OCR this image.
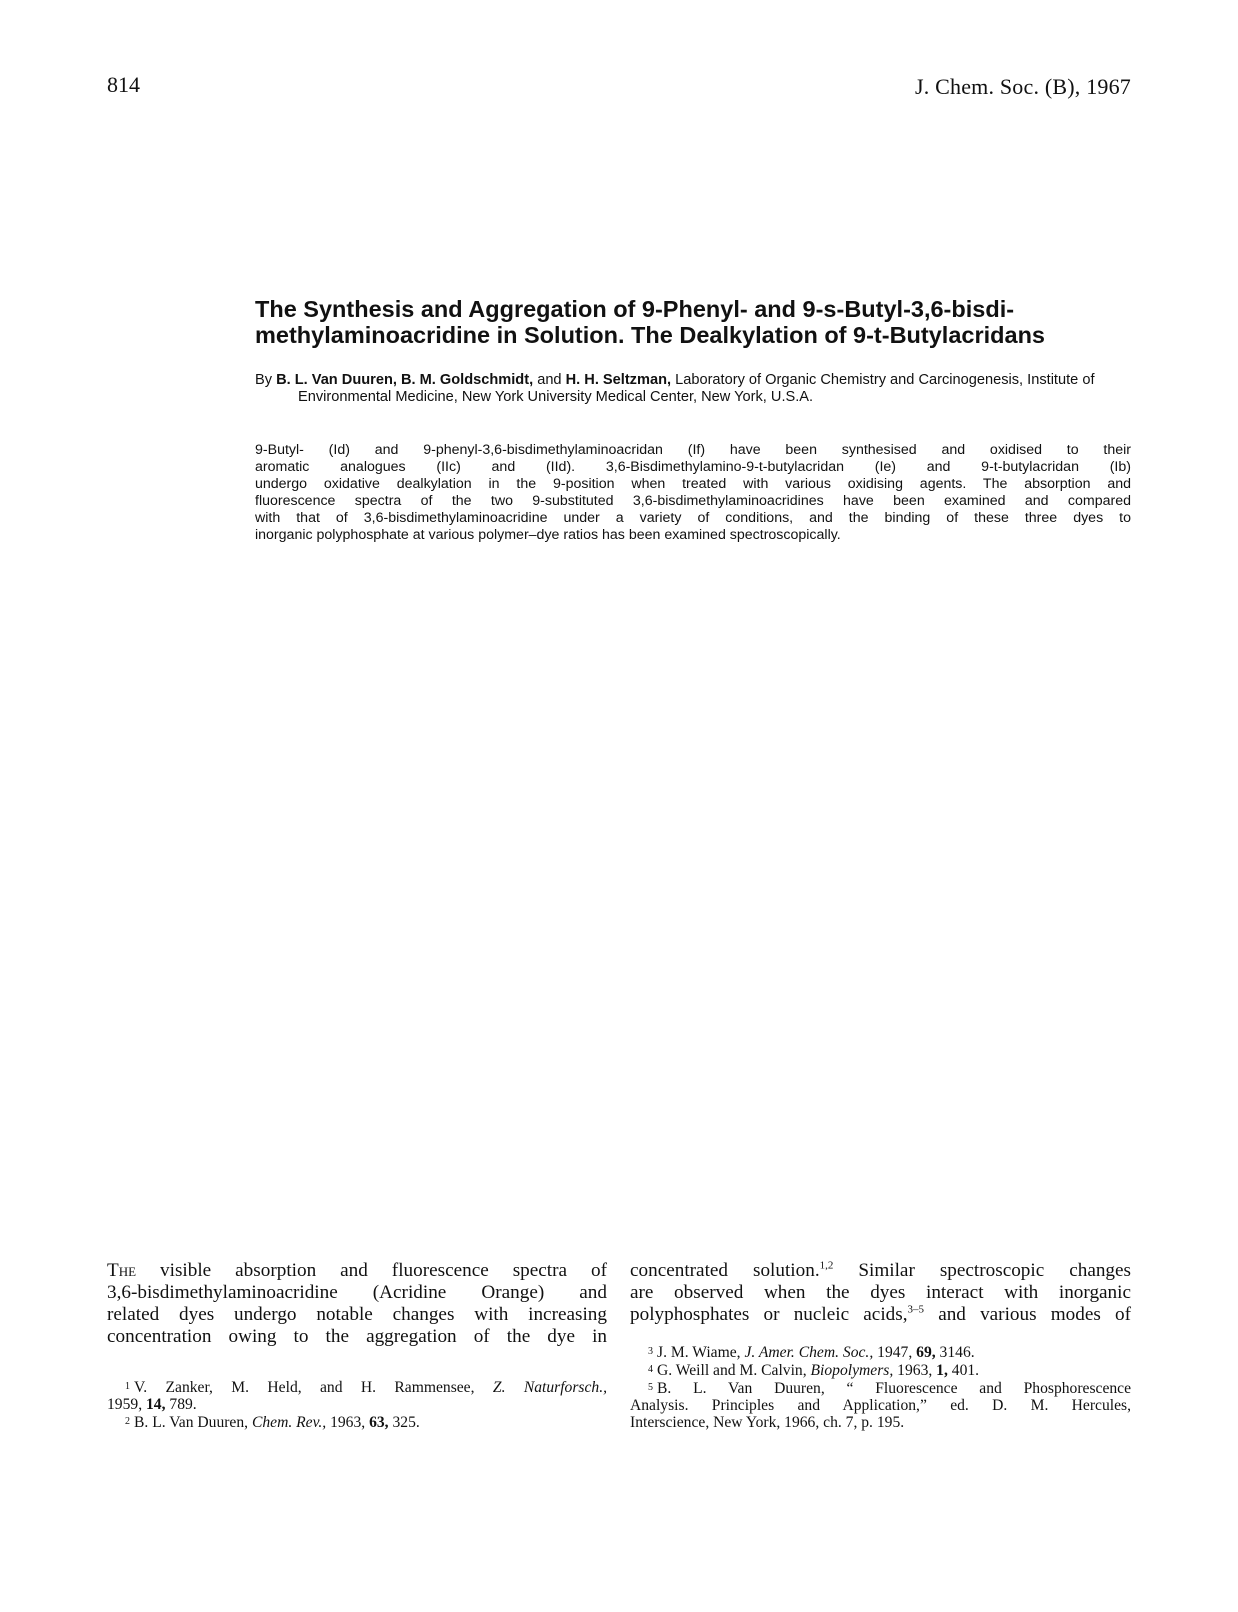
814	J. Chem. Soc. (B), 1967
The Synthesis and Aggregation of 9-Phenyl- and 9-s-Butyl-3,6-bisdi-
methylaminoacridine in Solution. The Dealkylation of 9-t-Butylacridans
By B. L. Van Duuren, B. M. Goldschmidt, and H. H. Seltzman, Laboratory of Organic Chemistry and Carcinogenesis, Institute of Environmental Medicine, New York University Medical Center, New York, U.S.A.
9-Butyl- (Id) and 9-phenyl-3,6-bisdimethylaminoacridan (If) have been synthesised and oxidised to their
aromatic analogues (IIc) and (IId). 3,6-Bisdimethylamino-9-t-butylacridan (Ie) and 9-t-butylacridan (Ib)
undergo oxidative dealkylation in the 9-position when treated with various oxidising agents. The absorption and
fluorescence spectra of the two 9-substituted 3,6-bisdimethylaminoacridines have been examined and compared
with that of 3,6-bisdimethylaminoacridine under a variety of conditions, and the binding of these three dyes to
inorganic polyphosphate at various polymer–dye ratios has been examined spectroscopically.
The visible absorption and fluorescence spectra of
3,6-bisdimethylaminoacridine (Acridine Orange) and
related dyes undergo notable changes with increasing
concentration owing to the aggregation of the dye in
concentrated solution.$^{1,2}$ Similar spectroscopic changes
are observed when the dyes interact with inorganic
polyphosphates or nucleic acids,$^{3-5}$ and various modes of
1 V. Zanker, M. Held, and H. Rammensee, Z. Naturforsch.,
1959, 14, 789.
2 B. L. Van Duuren, Chem. Rev., 1963, 63, 325.
3 J. M. Wiame, J. Amer. Chem. Soc., 1947, 69, 3146.
4 G. Weill and M. Calvin, Biopolymers, 1963, 1, 401.
5 B. L. Van Duuren, “ Fluorescence and Phosphorescence
Analysis. Principles and Application,” ed. D. M. Hercules,
Interscience, New York, 1966, ch. 7, p. 195.
